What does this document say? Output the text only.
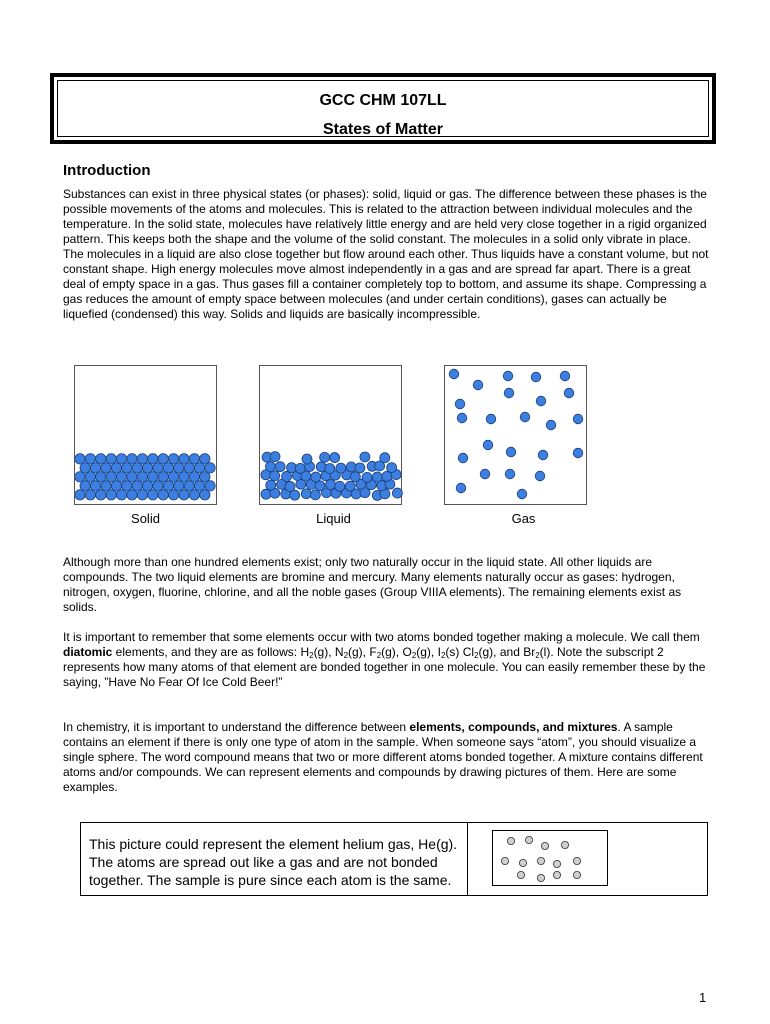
GCC CHM 107LL
States of Matter
Introduction

Substances can exist in three physical states (or phases): solid, liquid or gas. The difference between these phases is the possible movements of the atoms and molecules. This is related to the attraction between individual molecules and the temperature. In the solid state, molecules have relatively little energy and are held very close together in a rigid organized pattern. This keeps both the shape and the volume of the solid constant. The molecules in a solid only vibrate in place. The molecules in a liquid are also close together but flow around each other. Thus liquids have a constant volume, but not constant shape. High energy molecules move almost independently in a gas and are spread far apart. There is a great deal of empty space in a gas. Thus gases fill a container completely top to bottom, and assume its shape. Compressing a gas reduces the amount of empty space between molecules (and under certain conditions), gases can actually be liquefied (condensed) this way. Solids and liquids are basically incompressible.

Solid	Liquid	Gas

Although more than one hundred elements exist; only two naturally occur in the liquid state. All other liquids are compounds. The two liquid elements are bromine and mercury. Many elements naturally occur as gases: hydrogen, nitrogen, oxygen, fluorine, chlorine, and all the noble gases (Group VIIIA elements). The remaining elements exist as solids.

It is important to remember that some elements occur with two atoms bonded together making a molecule. We call them diatomic elements, and they are as follows: $H_2(g)$, $N_2(g)$, $F_2(g)$, $O_2(g)$, $I_2(s)$ $Cl_2(g)$, and $Br_2(l)$. Note the subscript 2 represents how many atoms of that element are bonded together in one molecule. You can easily remember these by the saying, ”Have No Fear Of Ice Cold Beer!”

In chemistry, it is important to understand the difference between elements, compounds, and mixtures. A sample contains an element if there is only one type of atom in the sample. When someone says “atom”, you should visualize a single sphere. The word compound means that two or more different atoms bonded together. A mixture contains different atoms and/or compounds. We can represent elements and compounds by drawing pictures of them. Here are some examples.

This picture could represent the element helium gas, He(g). The atoms are spread out like a gas and are not bonded together. The sample is pure since each atom is the same.

1
